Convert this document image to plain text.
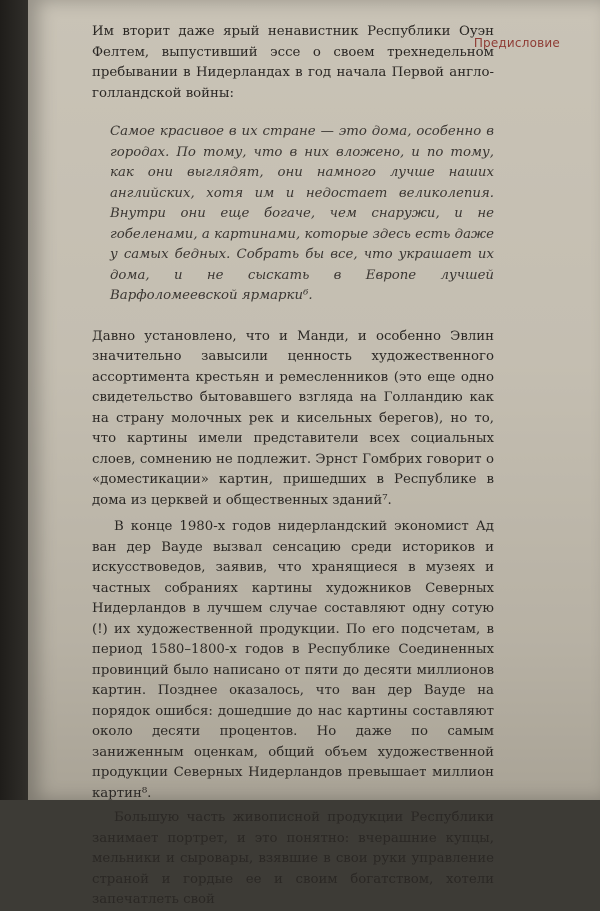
Предисловие

Им вторит даже ярый ненавистник Республики Оуэн Фелтем, выпустивший эссе о своем трехнедельном пребывании в Нидерландах в год начала Первой англо-голландской войны:

Самое красивое в их стране — это дома, особенно в городах. По тому, что в них вложено, и по тому, как они выглядят, они намного лучше наших английских, хотя им и недостает великолепия. Внутри они еще богаче, чем снаружи, и не гобеленами, а картинами, которые здесь есть даже у самых бедных. Собрать бы все, что украшает их дома, и не сыскать в Европе лучшей Варфоломеевской ярмарки⁶.

Давно установлено, что и Манди, и особенно Эвлин значительно завысили ценность художественного ассортимента крестьян и ремесленников (это еще одно свидетельство бытовавшего взгляда на Голландию как на страну молочных рек и кисельных берегов), но то, что картины имели представители всех социальных слоев, сомнению не подлежит. Эрнст Гомбрих говорит о «доместикации» картин, пришедших в Республике в дома из церквей и общественных зданий⁷.

В конце 1980-х годов нидерландский экономист Ад ван дер Вауде вызвал сенсацию среди историков и искусствоведов, заявив, что хранящиеся в музеях и частных собраниях картины художников Северных Нидерландов в лучшем случае составляют одну сотую (!) их художественной продукции. По его подсчетам, в период 1580–1800-х годов в Республике Соединенных провинций было написано от пяти до десяти миллионов картин. Позднее оказалось, что ван дер Вауде на порядок ошибся: дошедшие до нас картины составляют около десяти процентов. Но даже по самым заниженным оценкам, общий объем художественной продукции Северных Нидерландов превышает миллион картин⁸.

Большую часть живописной продукции Республики занимает портрет, и это понятно: вчерашние купцы, мельники и сыровары, взявшие в свои руки управление страной и гордые ее и своим богатством, хотели запечатлеть свой
